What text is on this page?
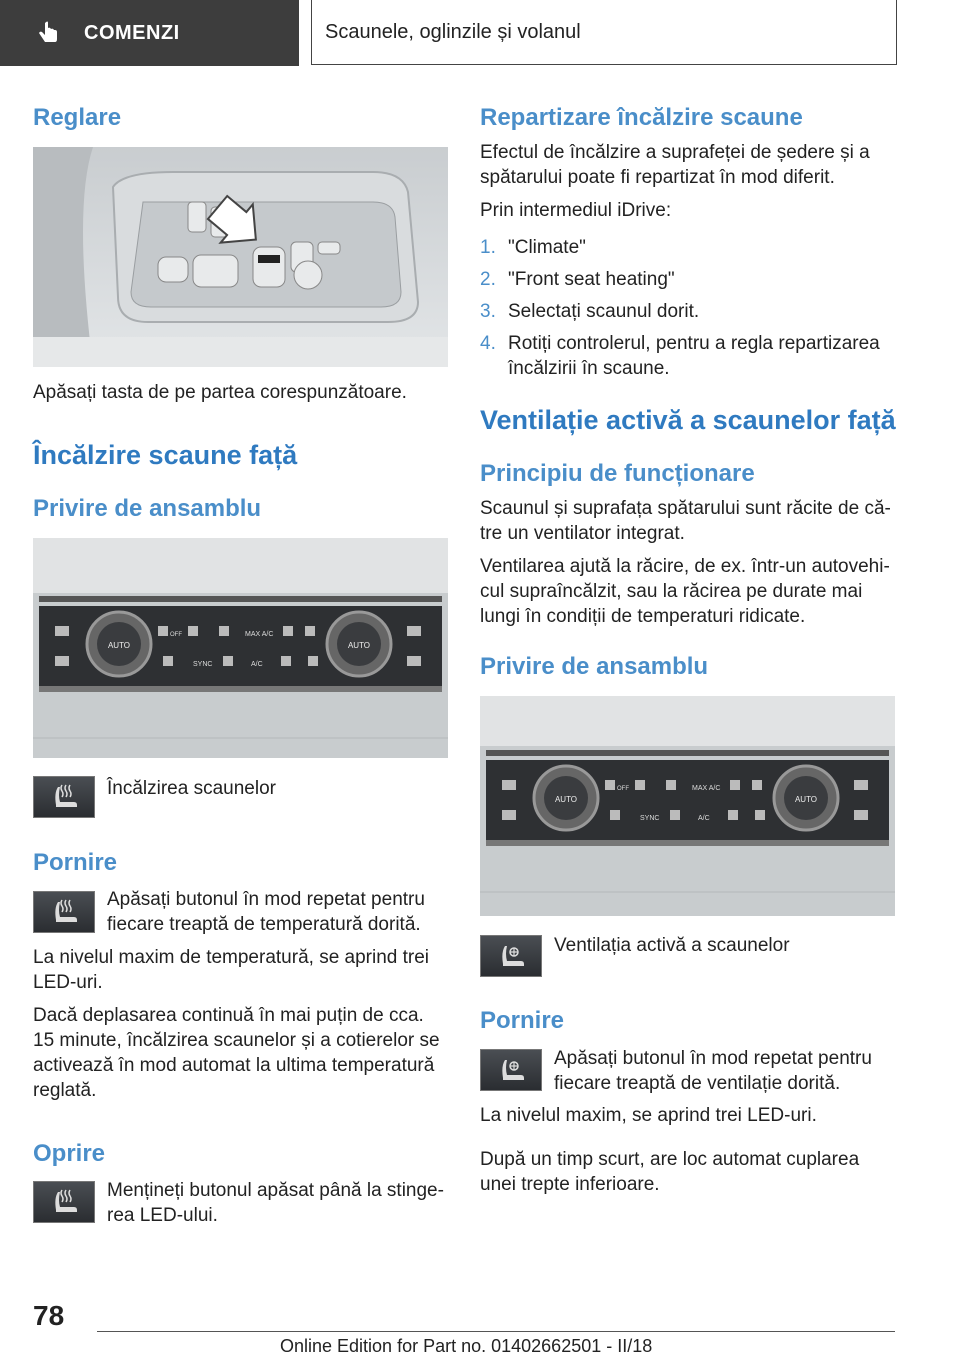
COMENZI	Scaunele, oglinzile și volanul
Reglare

Apăsați tasta de pe partea corespunzătoare.

Încălzire scaune față
Privire de ansamblu
AUTO	AUTO
OFF	MAX A/C
SYNC	A/C

Încălzirea scaunelor

Pornire

Apăsați butonul în mod repetat pentru fiecare treaptă de temperatură dorită.

La nivelul maxim de temperatură, se aprind trei LED-uri.

Dacă deplasarea continuă în mai puțin de cca. 15 minute, încălzirea scaunelor și a cotierelor se activează în mod automat la ultima temperatură reglată.

Oprire

Mențineți butonul apăsat până la stinge‐rea LED-ului.

Repartizare încălzire scaune

Efectul de încălzire a suprafeței de ședere și a spătarului poate fi repartizat în mod diferit.

Prin intermediul iDrive:

1. "Climate"
2. "Front seat heating"
3. Selectați scaunul dorit.
4. Rotiți controlerul, pentru a regla repartizarea încălzirii în scaune.
Ventilație activă a scaunelor față
Principiu de funcționare

Scaunul și suprafața spătarului sunt răcite de că‐tre un ventilator integrat.

Ventilarea ajută la răcire, de ex. într-un autovehi‐cul supraîncălzit, sau la răcirea pe durate mai lungi în condiții de temperaturi ridicate.

Privire de ansamblu
AUTO	AUTO
OFF	MAX A/C
SYNC	A/C

Ventilația activă a scaunelor

Pornire

Apăsați butonul în mod repetat pentru fiecare treaptă de ventilație dorită.

La nivelul maxim, se aprind trei LED-uri.

După un timp scurt, are loc automat cuplarea unei trepte inferioare.

78
Online Edition for Part no. 01402662501 - II/18
